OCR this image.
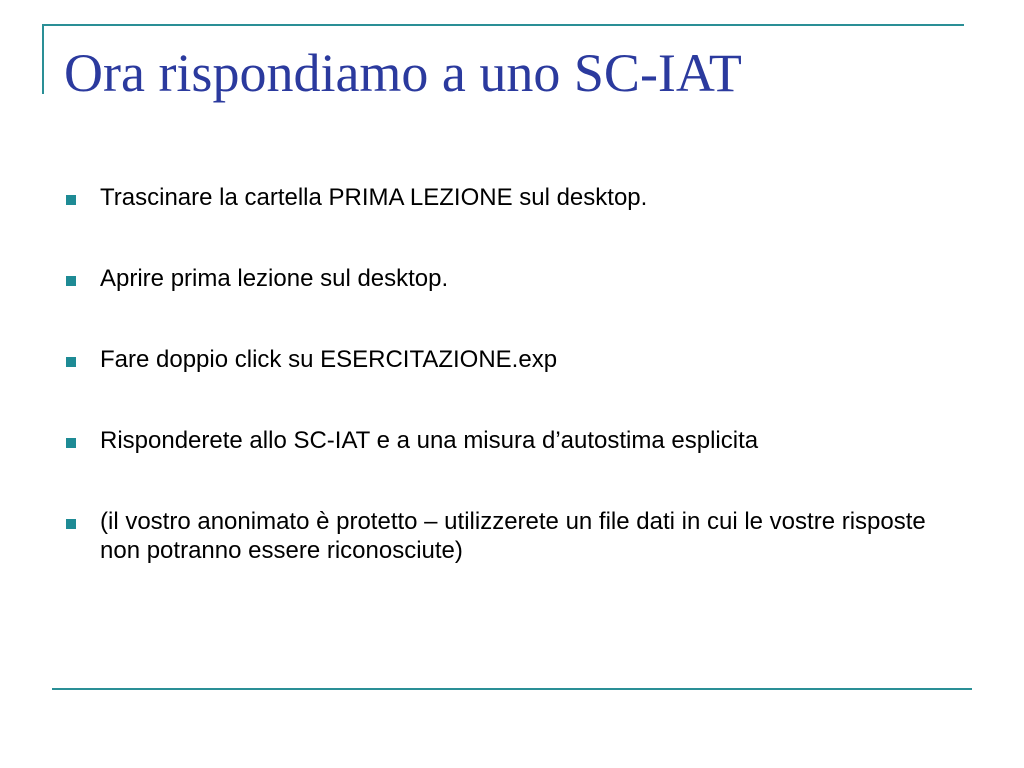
Ora rispondiamo a uno SC-IAT
Trascinare la cartella PRIMA LEZIONE sul desktop.
Aprire prima lezione sul desktop.
Fare doppio click su ESERCITAZIONE.exp
Risponderete allo SC-IAT e a una misura d’autostima esplicita
(il vostro anonimato è protetto – utilizzerete un file dati in cui le vostre risposte non potranno essere riconosciute)
